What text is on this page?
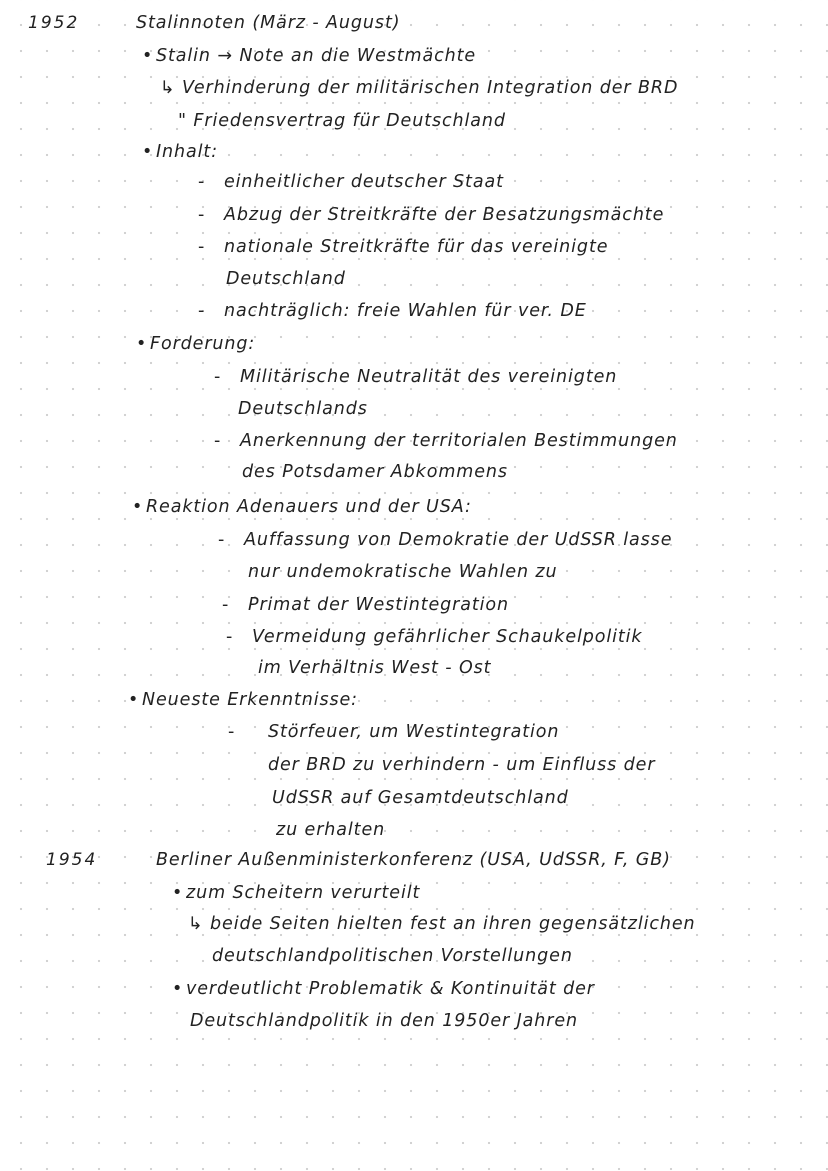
1952	Stalinnoten (März - August)
• Stalin → Note an die Westmächte
↳ Verhinderung der militärischen Integration der BRD
" Friedensvertrag für Deutschland
• Inhalt:
- einheitlicher deutscher Staat
- Abzug der Streitkräfte der Besatzungsmächte
- nationale Streitkräfte für das vereinigte
Deutschland
- nachträglich: freie Wahlen für ver. DE
• Forderung:
- Militärische Neutralität des vereinigten
Deutschlands
- Anerkennung der territorialen Bestimmungen
des Potsdamer Abkommens
• Reaktion Adenauers und der USA:
- Auffassung von Demokratie der UdSSR lasse
nur undemokratische Wahlen zu
- Primat der Westintegration
- Vermeidung gefährlicher Schaukelpolitik
im Verhältnis West - Ost
• Neueste Erkenntnisse:
- Störfeuer, um Westintegration
der BRD zu verhindern - um Einfluss der
UdSSR auf Gesamtdeutschland
zu erhalten
1954	Berliner Außenministerkonferenz (USA, UdSSR, F, GB)
• zum Scheitern verurteilt
↳ beide Seiten hielten fest an ihren gegensätzlichen
deutschlandpolitischen Vorstellungen
• verdeutlicht Problematik & Kontinuität der
Deutschlandpolitik in den 1950er Jahren
